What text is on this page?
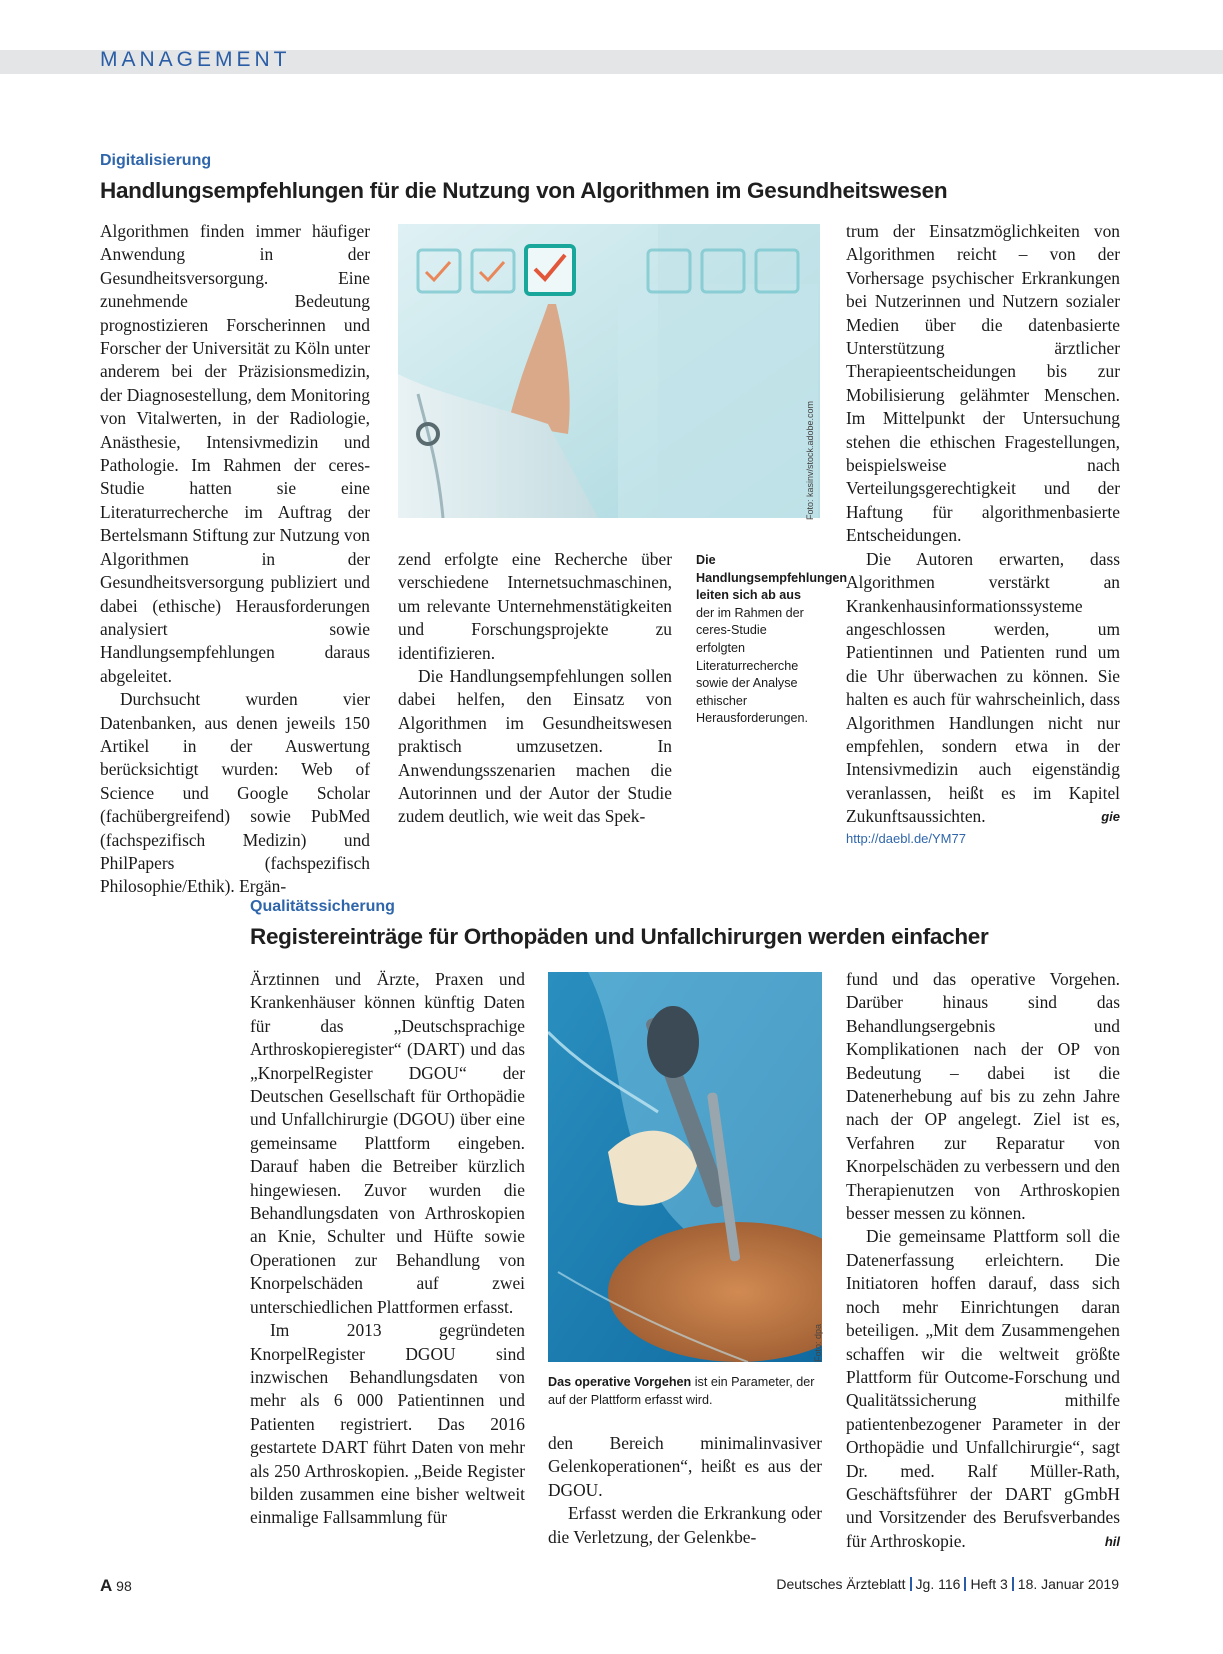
MANAGEMENT
Digitalisierung
Handlungsempfehlungen für die Nutzung von Algorithmen im Gesundheitswesen

Algorithmen finden immer häufiger Anwendung in der Gesundheitsversorgung. Eine zunehmende Bedeutung prognostizieren Forscherinnen und Forscher der Universität zu Köln unter anderem bei der Präzisionsmedizin, der Diagnosestellung, dem Monitoring von Vitalwerten, in der Radiologie, Anästhesie, Intensivmedizin und Pathologie. Im Rahmen der ceres-Studie hatten sie eine Literaturrecherche im Auftrag der Bertelsmann Stiftung zur Nutzung von Algorithmen in der Gesundheitsversorgung publiziert und dabei (ethische) Herausforderungen analysiert sowie Handlungsempfehlungen daraus abgeleitet.

Durchsucht wurden vier Datenbanken, aus denen jeweils 150 Artikel in der Auswertung berücksichtigt wurden: Web of Science und Google Scholar (fachübergreifend) sowie PubMed (fachspezifisch Medizin) und PhilPapers (fachspezifisch Philosophie/Ethik). Ergän-

Foto: kasinv/stock.adobe.com

zend erfolgte eine Recherche über verschiedene Internetsuchmaschinen, um relevante Unternehmenstätigkeiten und Forschungsprojekte zu identifizieren.

Die Handlungsempfehlungen sollen dabei helfen, den Einsatz von Algorithmen im Gesundheitswesen praktisch umzusetzen. In Anwendungsszenarien machen die Autorinnen und der Autor der Studie zudem deutlich, wie weit das Spek-

Die Handlungsempfehlungen leiten sich ab aus der im Rahmen der ceres-Studie erfolgten Literaturrecherche sowie der Analyse ethischer Herausforderungen.

trum der Einsatzmöglichkeiten von Algorithmen reicht – von der Vorhersage psychischer Erkrankungen bei Nutzerinnen und Nutzern sozialer Medien über die datenbasierte Unterstützung ärztlicher Therapieentscheidungen bis zur Mobilisierung gelähmter Menschen. Im Mittelpunkt der Untersuchung stehen die ethischen Fragestellungen, beispielsweise nach Verteilungsgerechtigkeit und der Haftung für algorithmenbasierte Entscheidungen.

Die Autoren erwarten, dass Algorithmen verstärkt an Krankenhausinformationssysteme angeschlossen werden, um Patientinnen und Patienten rund um die Uhr überwachen zu können. Sie halten es auch für wahrscheinlich, dass Algorithmen Handlungen nicht nur empfehlen, sondern etwa in der Intensivmedizin auch eigenständig veranlassen, heißt es im Kapitel Zukunftsaussichten.	gie

http://daebl.de/YM77
Qualitätssicherung
Registereinträge für Orthopäden und Unfallchirurgen werden einfacher

Ärztinnen und Ärzte, Praxen und Krankenhäuser können künftig Daten für das „Deutschsprachige Arthroskopieregister“ (DART) und das „KnorpelRegister DGOU“ der Deutschen Gesellschaft für Orthopädie und Unfallchirurgie (DGOU) über eine gemeinsame Plattform eingeben. Darauf haben die Betreiber kürzlich hingewiesen. Zuvor wurden die Behandlungsdaten von Arthroskopien an Knie, Schulter und Hüfte sowie Operationen zur Behandlung von Knorpelschäden auf zwei unterschiedlichen Plattformen erfasst.

Im 2013 gegründeten KnorpelRegister DGOU sind inzwischen Behandlungsdaten von mehr als 6 000 Patientinnen und Patienten registriert. Das 2016 gestartete DART führt Daten von mehr als 250 Arthroskopien. „Beide Register bilden zusammen eine bisher weltweit einmalige Fallsammlung für

Foto: dpa
Das operative Vorgehen ist ein Parameter, der auf der Plattform erfasst wird.

den Bereich minimalinvasiver Gelenkoperationen“, heißt es aus der DGOU.

Erfasst werden die Erkrankung oder die Verletzung, der Gelenkbe-

fund und das operative Vorgehen. Darüber hinaus sind das Behandlungsergebnis und Komplikationen nach der OP von Bedeutung – dabei ist die Datenerhebung auf bis zu zehn Jahre nach der OP angelegt. Ziel ist es, Verfahren zur Reparatur von Knorpelschäden zu verbessern und den Therapienutzen von Arthroskopien besser messen zu können.

Die gemeinsame Plattform soll die Datenerfassung erleichtern. Die Initiatoren hoffen darauf, dass sich noch mehr Einrichtungen daran beteiligen. „Mit dem Zusammengehen schaffen wir die weltweit größte Plattform für Outcome-Forschung und Qualitätssicherung mithilfe patientenbezogener Parameter in der Orthopädie und Unfallchirurgie“, sagt Dr. med. Ralf Müller-Rath, Geschäftsführer der DART gGmbH und Vorsitzender des Berufsverbandes für Arthroskopie.	hil

A 98	Deutsches Ärzteblatt Jg. 116 Heft 3 18. Januar 2019
